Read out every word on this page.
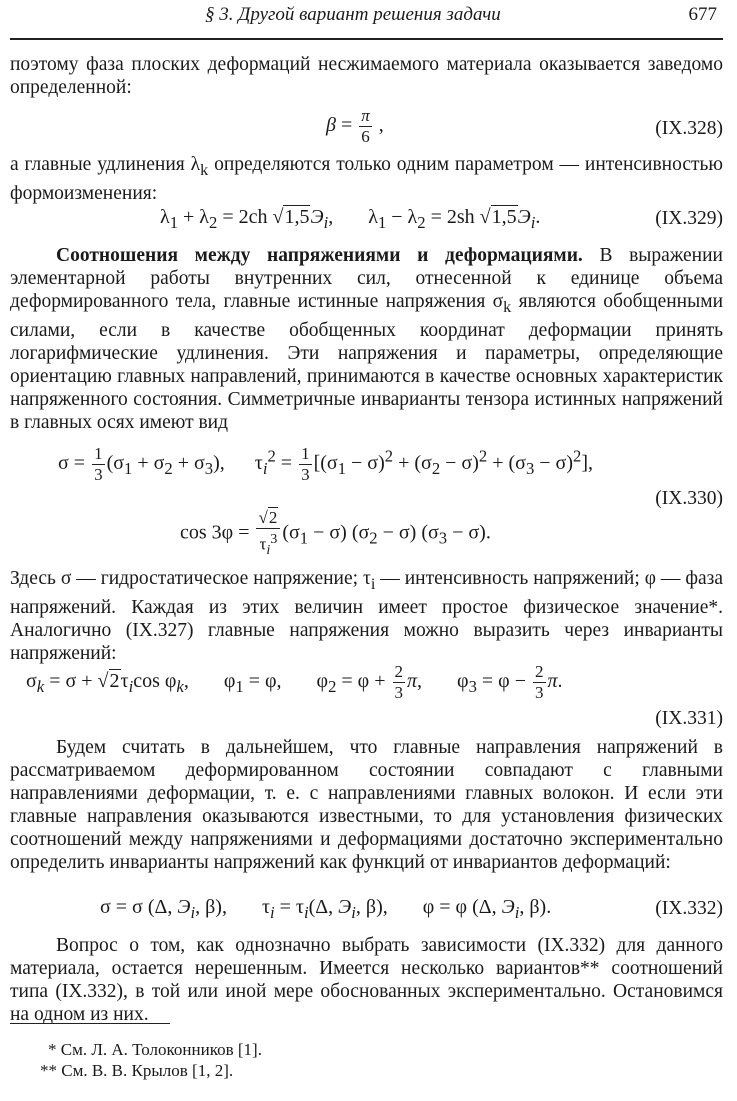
§ 3. Другой вариант решения задачи	677
поэтому фаза плоских деформаций несжимаемого материала оказывается заведомо определенной:
$\beta = \frac{\pi}{6}$ ,	(IX.328)
а главные удлинения $\lambda_k$ определяются только одним параметром — интенсивностью формоизменения:
$\lambda_1 + \lambda_2 = 2ch$ $√1,5Э_i$,       $\lambda_1 - \lambda_2 = 2sh$ $√1,5Э_i$.	(IX.329)
Соотношения между напряжениями и деформациями. В выражении элементарной работы внутренних сил, отнесенной к единице объема деформированного тела, главные истинные напряжения $\sigma_k$ являются обобщенными силами, если в качестве обобщенных координат деформации принять логарифмические удлинения. Эти напряжения и параметры, определяющие ориентацию главных направлений, принимаются в качестве основных характеристик напряженного состояния. Симметричные инварианты тензора истинных напряжений в главных осях имеют вид
$\sigma = \frac{1}{3} (\sigma_1 + \sigma_2 + \sigma_3)$,      $\tau_i^2 = \frac{1}{3} [(\sigma_1 - \sigma)^2 + (\sigma_2 - \sigma)^2 + (\sigma_3 - \sigma)^2]$,
(IX.330)
$\cos 3\varphi = \frac{√2}{\tau_i^3} (\sigma_1 - \sigma) (\sigma_2 - \sigma) (\sigma_3 - \sigma)$.
Здесь σ — гидростатическое напряжение; $\tau_i$ — интенсивность напряжений; φ — фаза напряжений. Каждая из этих величин имеет простое физическое значение*. Аналогично (IX.327) главные напряжения можно выразить через инварианты напряжений:
$\sigma_k = \sigma + √2\tau_i\cos$ $\varphi_k$,       $\varphi_1 = \varphi$,       $\varphi_2 = \varphi + \frac{2}{3} \pi$,       $\varphi_3 = \varphi - \frac{2}{3} \pi$.
(IX.331)
Будем считать в дальнейшем, что главные направления напряжений в рассматриваемом деформированном состоянии совпадают с главными направлениями деформации, т. е. с направлениями главных волокон. И если эти главные направления оказываются известными, то для установления физических соотношений между напряжениями и деформациями достаточно экспериментально определить инварианты напряжений как функций от инвариантов деформаций:
σ = σ (Δ, $Э_i$, β),       $\tau_i = \tau_i(\Delta$, $Э_i$, β),       φ = φ (Δ, $Э_i$, β).	(IX.332)
Вопрос о том, как однозначно выбрать зависимости (IX.332) для данного материала, остается нерешенным. Имеется несколько вариантов** соотношений типа (IX.332), в той или иной мере обоснованных экспериментально. Остановимся на одном из них.
* См. Л. А. Толоконников [1].
** См. В. В. Крылов [1, 2].
